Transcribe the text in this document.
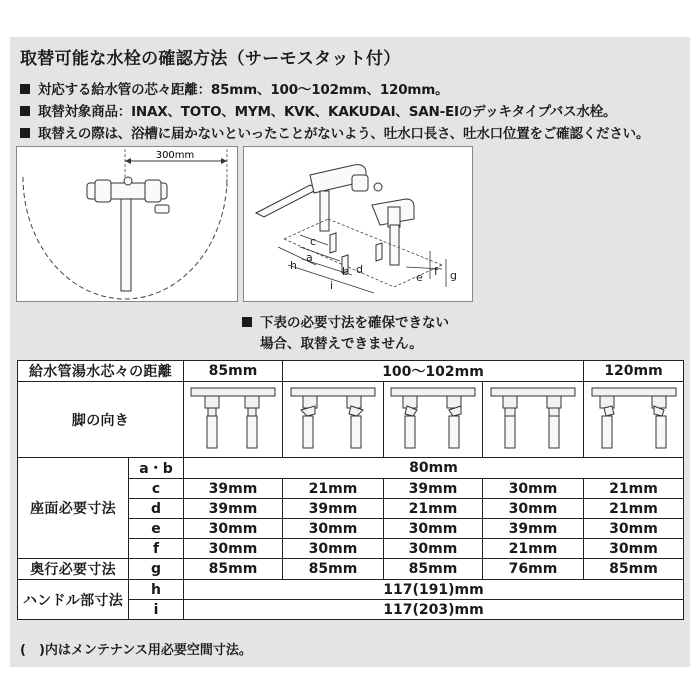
取替可能な水栓の確認方法（サーモスタット付）
対応する給水管の芯々距離：85mm、100～102mm、120mm。
取替対象商品：INAX、TOTO、MYM、KVK、KAKUDAI、SAN-EIのデッキタイプバス水栓。
取替えの際は、浴槽に届かないといったことがないよう、吐水口長さ、吐水口位置をご確認ください。
300mm
c
a
b d
h
i
e f g
下表の必要寸法を確保できない
場合、取替えできません。
給水管湯水芯々の距離		85mm	100～102mm			120mm
脚の向き	

座面必要寸法	a・b	80mm				
	c	39mm	21mm	39mm	30mm	21mm
	d	39mm	39mm	21mm	30mm	21mm
	e	30mm	30mm	30mm	39mm	30mm
	f	30mm	30mm	30mm	21mm	30mm
奥行必要寸法	g	85mm	85mm	85mm	76mm	85mm
ハンドル部寸法	h	117(191)mm				
	i	117(203)mm				
(　)内はメンテナンス用必要空間寸法。
